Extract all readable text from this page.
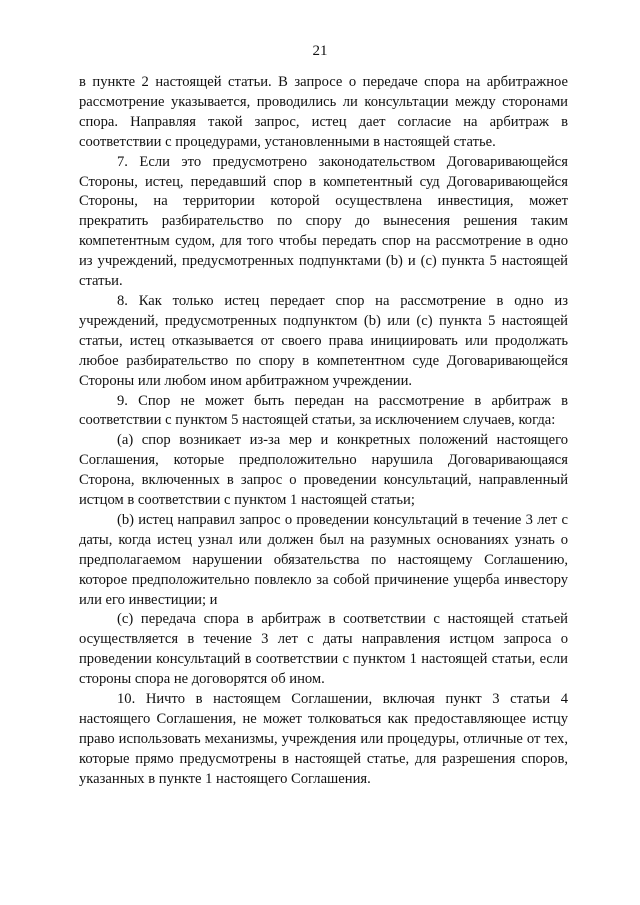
21

в пункте 2 настоящей статьи. В запросе о передаче спора на арбитражное рассмотрение указывается, проводились ли консультации между сторонами спора. Направляя такой запрос, истец дает согласие на арбитраж в соответствии с процедурами, установленными в настоящей статье.

7. Если это предусмотрено законодательством Договаривающейся Стороны, истец, передавший спор в компетентный суд Договаривающейся Стороны, на территории которой осуществлена инвестиция, может прекратить разбирательство по спору до вынесения решения таким компетентным судом, для того чтобы передать спор на рассмотрение в одно из учреждений, предусмотренных подпунктами (b) и (c) пункта 5 настоящей статьи.

8. Как только истец передает спор на рассмотрение в одно из учреждений, предусмотренных подпунктом (b) или (c) пункта 5 настоящей статьи, истец отказывается от своего права инициировать или продолжать любое разбирательство по спору в компетентном суде Договаривающейся Стороны или любом ином арбитражном учреждении.

9. Спор не может быть передан на рассмотрение в арбитраж в соответствии с пунктом 5 настоящей статьи, за исключением случаев, когда:

(a) спор возникает из-за мер и конкретных положений настоящего Соглашения, которые предположительно нарушила Договаривающаяся Сторона, включенных в запрос о проведении консультаций, направленный истцом в соответствии с пунктом 1 настоящей статьи;

(b) истец направил запрос о проведении консультаций в течение 3 лет с даты, когда истец узнал или должен был на разумных основаниях узнать о предполагаемом нарушении обязательства по настоящему Соглашению, которое предположительно повлекло за собой причинение ущерба инвестору или его инвестиции; и

(c) передача спора в арбитраж в соответствии с настоящей статьей осуществляется в течение 3 лет с даты направления истцом запроса о проведении консультаций в соответствии с пунктом 1 настоящей статьи, если стороны спора не договорятся об ином.

10. Ничто в настоящем Соглашении, включая пункт 3 статьи 4 настоящего Соглашения, не может толковаться как предоставляющее истцу право использовать механизмы, учреждения или процедуры, отличные от тех, которые прямо предусмотрены в настоящей статье, для разрешения споров, указанных в пункте 1 настоящего Соглашения.
